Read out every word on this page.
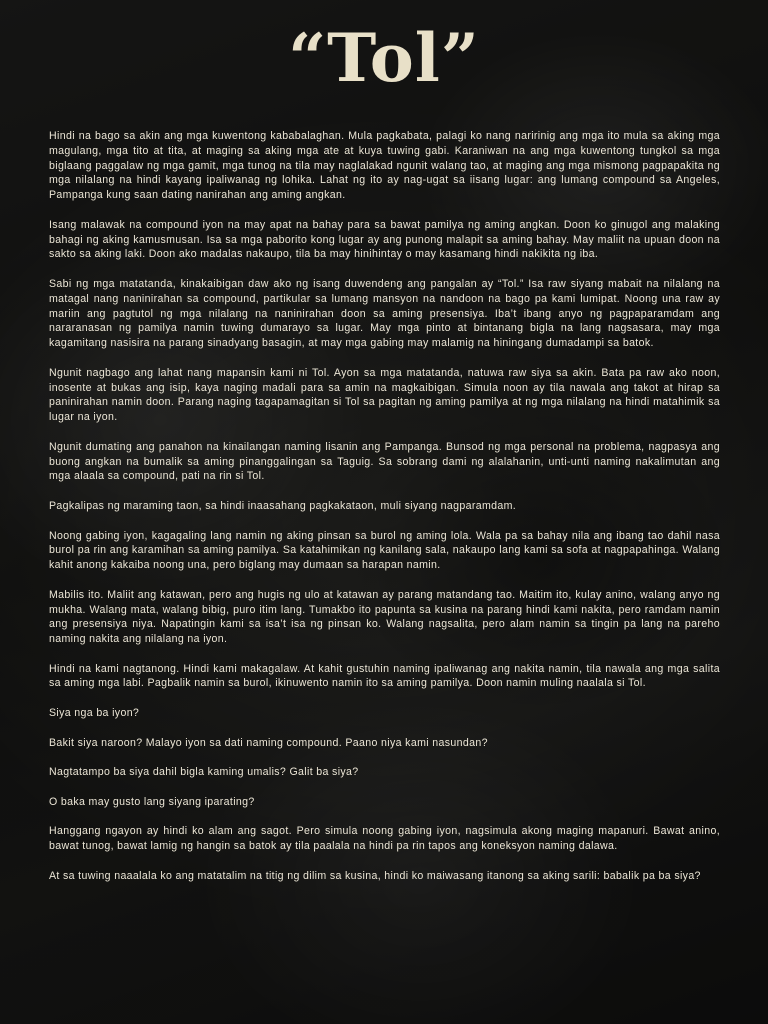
“Tol”

Hindi na bago sa akin ang mga kuwentong kababalaghan. Mula pagkabata, palagi ko nang naririnig ang mga ito mula sa aking mga magulang, mga tito at tita, at maging sa aking mga ate at kuya tuwing gabi. Karaniwan na ang mga kuwentong tungkol sa mga biglaang paggalaw ng mga gamit, mga tunog na tila may naglalakad ngunit walang tao, at maging ang mga mismong pagpapakita ng mga nilalang na hindi kayang ipaliwanag ng lohika. Lahat ng ito ay nag-ugat sa iisang lugar: ang lumang compound sa Angeles, Pampanga kung saan dating nanirahan ang aming angkan.

Isang malawak na compound iyon na may apat na bahay para sa bawat pamilya ng aming angkan. Doon ko ginugol ang malaking bahagi ng aking kamusmusan. Isa sa mga paborito kong lugar ay ang punong malapit sa aming bahay. May maliit na upuan doon na sakto sa aking laki. Doon ako madalas nakaupo, tila ba may hinihintay o may kasamang hindi nakikita ng iba.

Sabi ng mga matatanda, kinakaibigan daw ako ng isang duwendeng ang pangalan ay “Tol.” Isa raw siyang mabait na nilalang na matagal nang naninirahan sa compound, partikular sa lumang mansyon na nandoon na bago pa kami lumipat. Noong una raw ay mariin ang pagtutol ng mga nilalang na naninirahan doon sa aming presensiya. Iba’t ibang anyo ng pagpaparamdam ang nararanasan ng pamilya namin tuwing dumarayo sa lugar. May mga pinto at bintanang bigla na lang nagsasara, may mga kagamitang nasisira na parang sinadyang basagin, at may mga gabing may malamig na hiningang dumadampi sa batok.

Ngunit nagbago ang lahat nang mapansin kami ni Tol. Ayon sa mga matatanda, natuwa raw siya sa akin. Bata pa raw ako noon, inosente at bukas ang isip, kaya naging madali para sa amin na magkaibigan. Simula noon ay tila nawala ang takot at hirap sa paninirahan namin doon. Parang naging tagapamagitan si Tol sa pagitan ng aming pamilya at ng mga nilalang na hindi matahimik sa lugar na iyon.

Ngunit dumating ang panahon na kinailangan naming lisanin ang Pampanga. Bunsod ng mga personal na problema, nagpasya ang buong angkan na bumalik sa aming pinanggalingan sa Taguig. Sa sobrang dami ng alalahanin, unti-unti naming nakalimutan ang mga alaala sa compound, pati na rin si Tol.

Pagkalipas ng maraming taon, sa hindi inaasahang pagkakataon, muli siyang nagparamdam.

Noong gabing iyon, kagagaling lang namin ng aking pinsan sa burol ng aming lola. Wala pa sa bahay nila ang ibang tao dahil nasa burol pa rin ang karamihan sa aming pamilya. Sa katahimikan ng kanilang sala, nakaupo lang kami sa sofa at nagpapahinga. Walang kahit anong kakaiba noong una, pero biglang may dumaan sa harapan namin.

Mabilis ito. Maliit ang katawan, pero ang hugis ng ulo at katawan ay parang matandang tao. Maitim ito, kulay anino, walang anyo ng mukha. Walang mata, walang bibig, puro itim lang. Tumakbo ito papunta sa kusina na parang hindi kami nakita, pero ramdam namin ang presensiya niya. Napatingin kami sa isa’t isa ng pinsan ko. Walang nagsalita, pero alam namin sa tingin pa lang na pareho naming nakita ang nilalang na iyon.

Hindi na kami nagtanong. Hindi kami makagalaw. At kahit gustuhin naming ipaliwanag ang nakita namin, tila nawala ang mga salita sa aming mga labi. Pagbalik namin sa burol, ikinuwento namin ito sa aming pamilya. Doon namin muling naalala si Tol.

Siya nga ba iyon?

Bakit siya naroon? Malayo iyon sa dati naming compound. Paano niya kami nasundan?

Nagtatampo ba siya dahil bigla kaming umalis? Galit ba siya?

O baka may gusto lang siyang iparating?

Hanggang ngayon ay hindi ko alam ang sagot. Pero simula noong gabing iyon, nagsimula akong maging mapanuri. Bawat anino, bawat tunog, bawat lamig ng hangin sa batok ay tila paalala na hindi pa rin tapos ang koneksyon naming dalawa.

At sa tuwing naaalala ko ang matatalim na titig ng dilim sa kusina, hindi ko maiwasang itanong sa aking sarili: babalik pa ba siya?
